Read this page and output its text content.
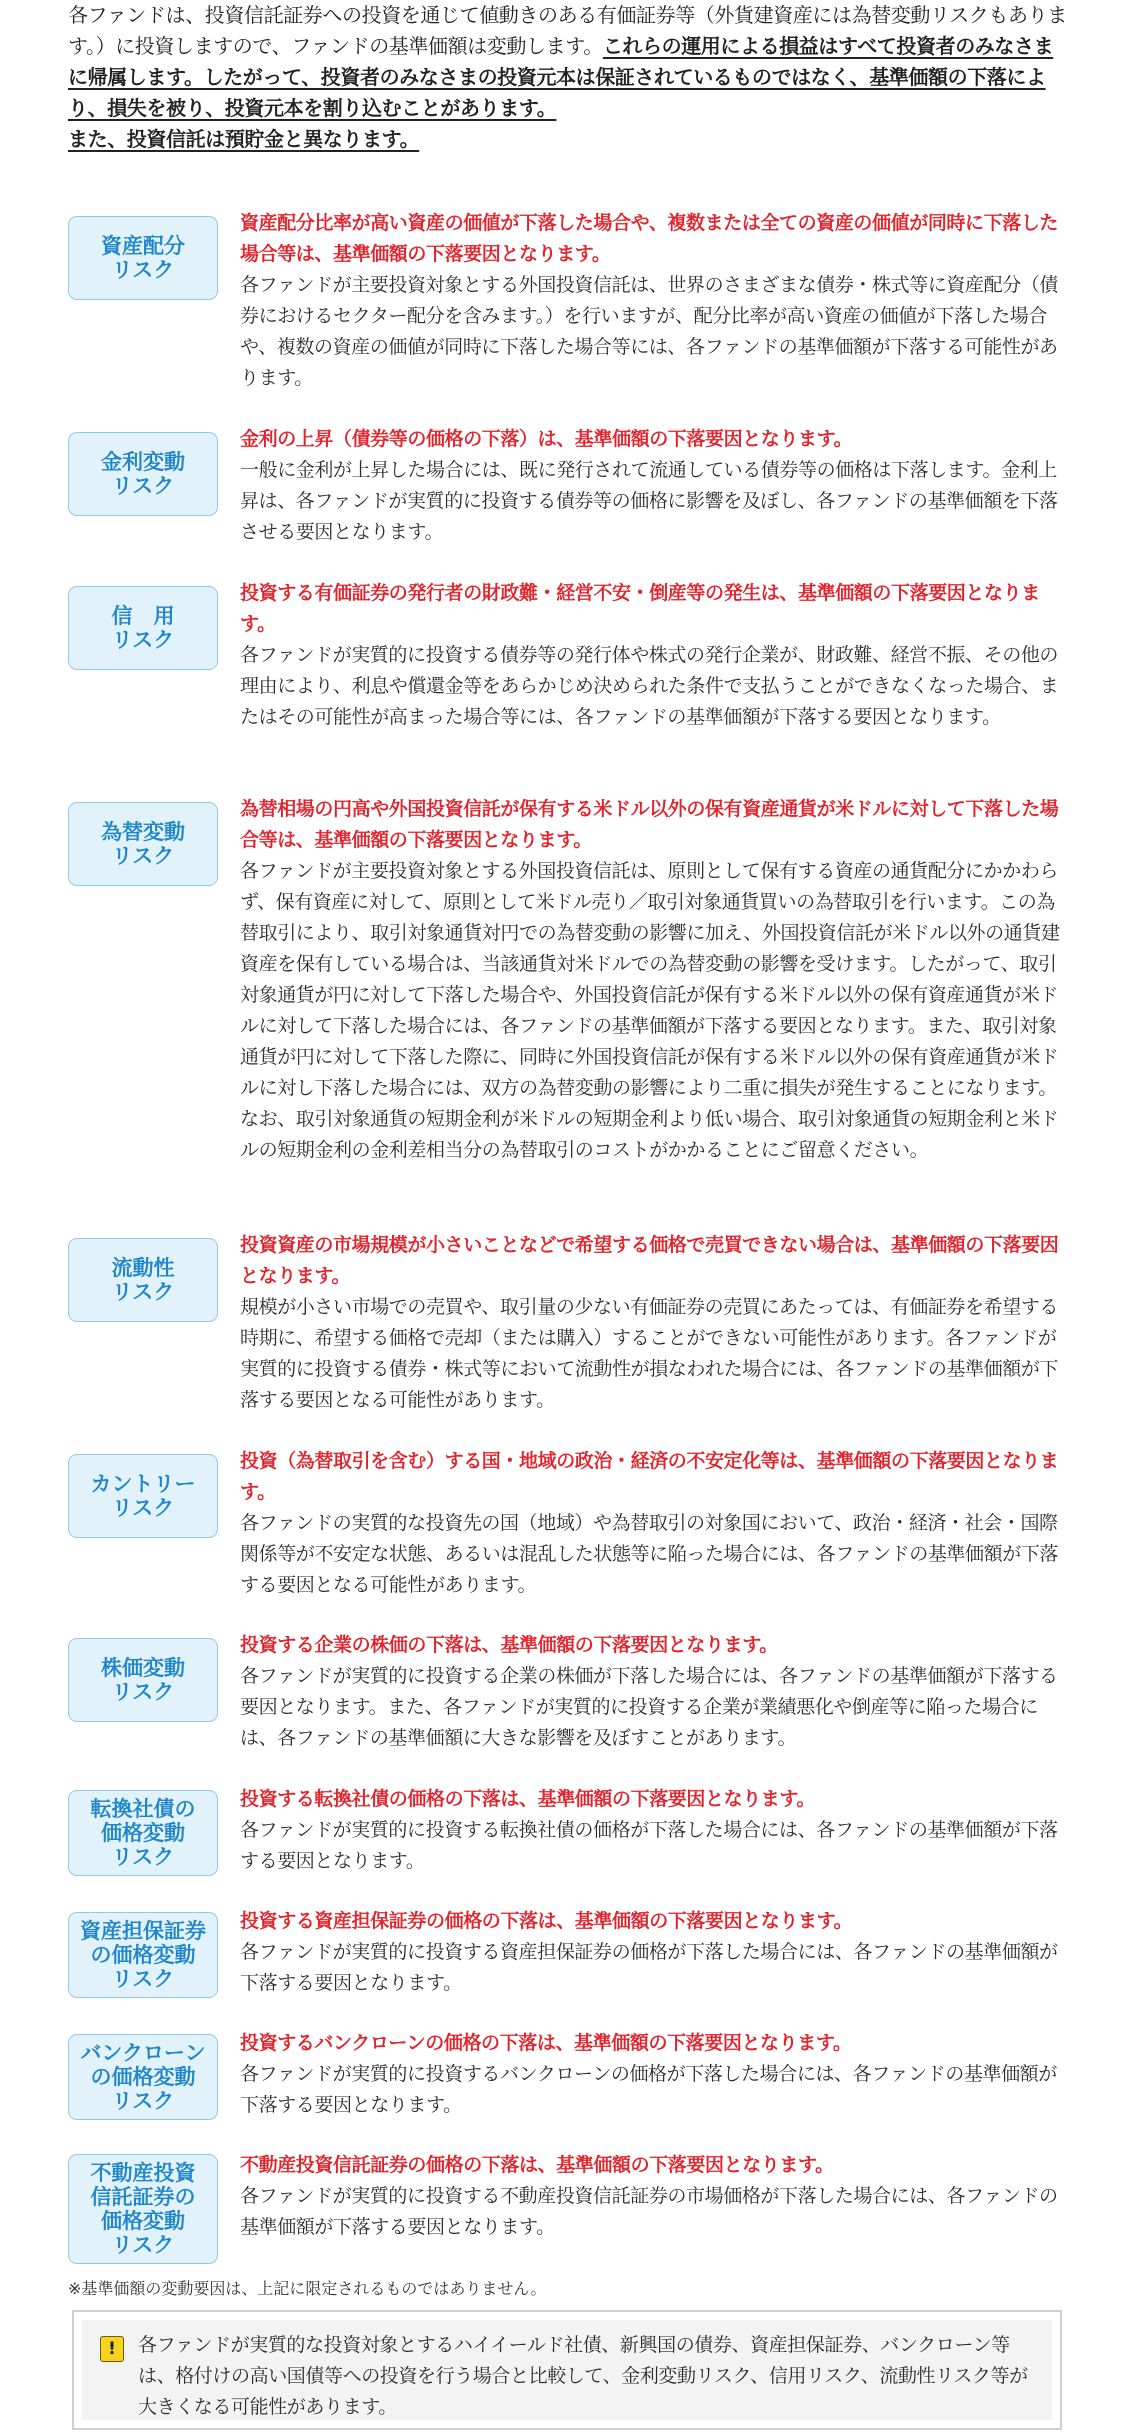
各ファンドは、投資信託証券への投資を通じて値動きのある有価証券等（外貨建資産には為替変動リスクもあります。）に投資しますので、ファンドの基準価額は変動します。これらの運用による損益はすべて投資者のみなさまに帰属します。したがって、投資者のみなさまの投資元本は保証されているものではなく、基準価額の下落により、損失を被り、投資元本を割り込むことがあります。

また、投資信託は預貯金と異なります。

資産配分
リスク

資産配分比率が高い資産の価値が下落した場合や、複数または全ての資産の価値が同時に下落した場合等は、基準価額の下落要因となります。

各ファンドが主要投資対象とする外国投資信託は、世界のさまざまな債券・株式等に資産配分（債券におけるセクター配分を含みます。）を行いますが、配分比率が高い資産の価値が下落した場合や、複数の資産の価値が同時に下落した場合等には、各ファンドの基準価額が下落する可能性があります。

金利変動
リスク

金利の上昇（債券等の価格の下落）は、基準価額の下落要因となります。

一般に金利が上昇した場合には、既に発行されて流通している債券等の価格は下落します。金利上昇は、各ファンドが実質的に投資する債券等の価格に影響を及ぼし、各ファンドの基準価額を下落させる要因となります。

信　用
リスク

投資する有価証券の発行者の財政難・経営不安・倒産等の発生は、基準価額の下落要因となります。

各ファンドが実質的に投資する債券等の発行体や株式の発行企業が、財政難、経営不振、その他の理由により、利息や償還金等をあらかじめ決められた条件で支払うことができなくなった場合、またはその可能性が高まった場合等には、各ファンドの基準価額が下落する要因となります。

為替変動
リスク

為替相場の円高や外国投資信託が保有する米ドル以外の保有資産通貨が米ドルに対して下落した場合等は、基準価額の下落要因となります。

各ファンドが主要投資対象とする外国投資信託は、原則として保有する資産の通貨配分にかかわらず、保有資産に対して、原則として米ドル売り／取引対象通貨買いの為替取引を行います。この為替取引により、取引対象通貨対円での為替変動の影響に加え、外国投資信託が米ドル以外の通貨建資産を保有している場合は、当該通貨対米ドルでの為替変動の影響を受けます。したがって、取引対象通貨が円に対して下落した場合や、外国投資信託が保有する米ドル以外の保有資産通貨が米ドルに対して下落した場合には、各ファンドの基準価額が下落する要因となります。また、取引対象通貨が円に対して下落した際に、同時に外国投資信託が保有する米ドル以外の保有資産通貨が米ドルに対し下落した場合には、双方の為替変動の影響により二重に損失が発生することになります。なお、取引対象通貨の短期金利が米ドルの短期金利より低い場合、取引対象通貨の短期金利と米ドルの短期金利の金利差相当分の為替取引のコストがかかることにご留意ください。

流動性
リスク

投資資産の市場規模が小さいことなどで希望する価格で売買できない場合は、基準価額の下落要因となります。

規模が小さい市場での売買や、取引量の少ない有価証券の売買にあたっては、有価証券を希望する時期に、希望する価格で売却（または購入）することができない可能性があります。各ファンドが実質的に投資する債券・株式等において流動性が損なわれた場合には、各ファンドの基準価額が下落する要因となる可能性があります。

カントリー
リスク

投資（為替取引を含む）する国・地域の政治・経済の不安定化等は、基準価額の下落要因となります。

各ファンドの実質的な投資先の国（地域）や為替取引の対象国において、政治・経済・社会・国際関係等が不安定な状態、あるいは混乱した状態等に陥った場合には、各ファンドの基準価額が下落する要因となる可能性があります。

株価変動
リスク

投資する企業の株価の下落は、基準価額の下落要因となります。

各ファンドが実質的に投資する企業の株価が下落した場合には、各ファンドの基準価額が下落する要因となります。また、各ファンドが実質的に投資する企業が業績悪化や倒産等に陥った場合には、各ファンドの基準価額に大きな影響を及ぼすことがあります。

転換社債の
価格変動
リスク

投資する転換社債の価格の下落は、基準価額の下落要因となります。

各ファンドが実質的に投資する転換社債の価格が下落した場合には、各ファンドの基準価額が下落する要因となります。

資産担保証券
の価格変動
リスク

投資する資産担保証券の価格の下落は、基準価額の下落要因となります。

各ファンドが実質的に投資する資産担保証券の価格が下落した場合には、各ファンドの基準価額が下落する要因となります。

バンクローン
の価格変動
リスク

投資するバンクローンの価格の下落は、基準価額の下落要因となります。

各ファンドが実質的に投資するバンクローンの価格が下落した場合には、各ファンドの基準価額が下落する要因となります。

不動産投資
信託証券の
価格変動
リスク

不動産投資信託証券の価格の下落は、基準価額の下落要因となります。

各ファンドが実質的に投資する不動産投資信託証券の市場価格が下落した場合には、各ファンドの基準価額が下落する要因となります。

※基準価額の変動要因は、上記に限定されるものではありません。
!	各ファンドが実質的な投資対象とするハイイールド社債、新興国の債券、資産担保証券、バンクローン等は、格付けの高い国債等への投資を行う場合と比較して、金利変動リスク、信用リスク、流動性リスク等が大きくなる可能性があります。
